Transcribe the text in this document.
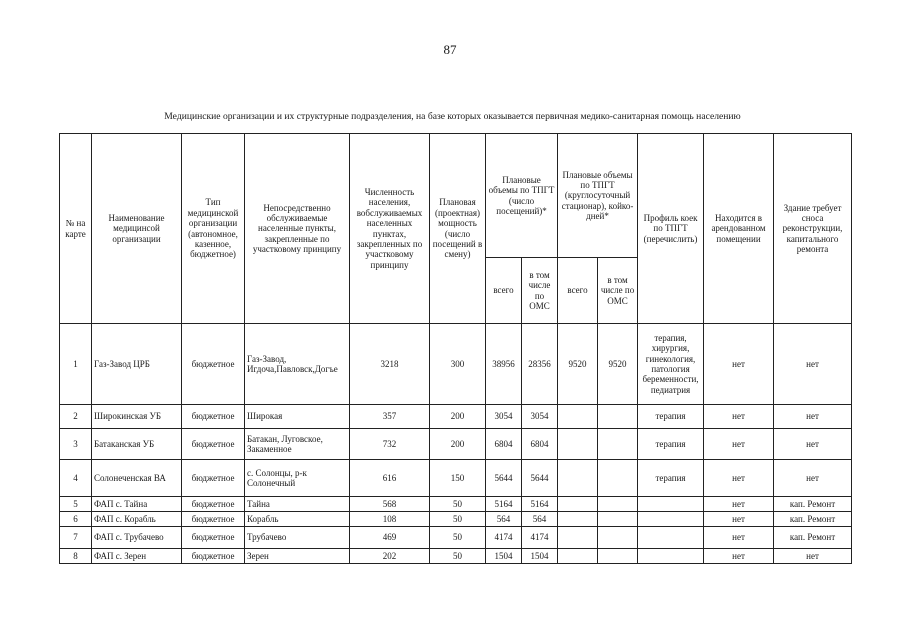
87
Медицинские организации и их структурные подразделения, на базе которых оказывается первичная медико-санитарная помощь населению
№ на карте	Наименование медицинсой организации	Тип медицинской организации (автономное, казенное, бюджетное)	Непосредственно обслуживаемые населенные пункты, закрепленные по участковому принципу	Численность населения, вобслуживаемых населенных пунктах, закрепленных по участковому принципу	Плановая (проектная) мощность (число посещений в смену)	Плановые объемы по ТПГТ (число посещений)*		Плановые объемы по ТПГТ (круглосуточный стационар), койко-дней*		Профиль коек по ТПГТ (перечислить)	Находится в арендованном помещении	Здание требует сноса реконструкции, капитального ремонта
						всего	в том числе по ОМС	всего	в том числе по ОМС			
1	Газ-Завод ЦРБ	бюджетное	Газ-Завод, Игдоча,Павловск,Догъе	3218	300	38956	28356	9520	9520	терапия, хирургия, гинекология, патология беременности, педиатрия	нет	нет
2	Широкинская УБ	бюджетное	Широкая	357	200	3054	3054			терапия	нет	нет
3	Батаканская УБ	бюджетное	Батакан, Луговское, Закаменное	732	200	6804	6804			терапия	нет	нет
4	Солонеченская ВА	бюджетное	с. Солонцы, р-к Солонечный	616	150	5644	5644			терапия	нет	нет
5	ФАП с. Тайна	бюджетное	Тайна	568	50	5164	5164				нет	кап. Ремонт
6	ФАП с. Корабль	бюджетное	Корабль	108	50	564	564				нет	кап. Ремонт
7	ФАП с. Трубачево	бюджетное	Трубачево	469	50	4174	4174				нет	кап. Ремонт
8	ФАП с. Зерен	бюджетное	Зерен	202	50	1504	1504				нет	нет
